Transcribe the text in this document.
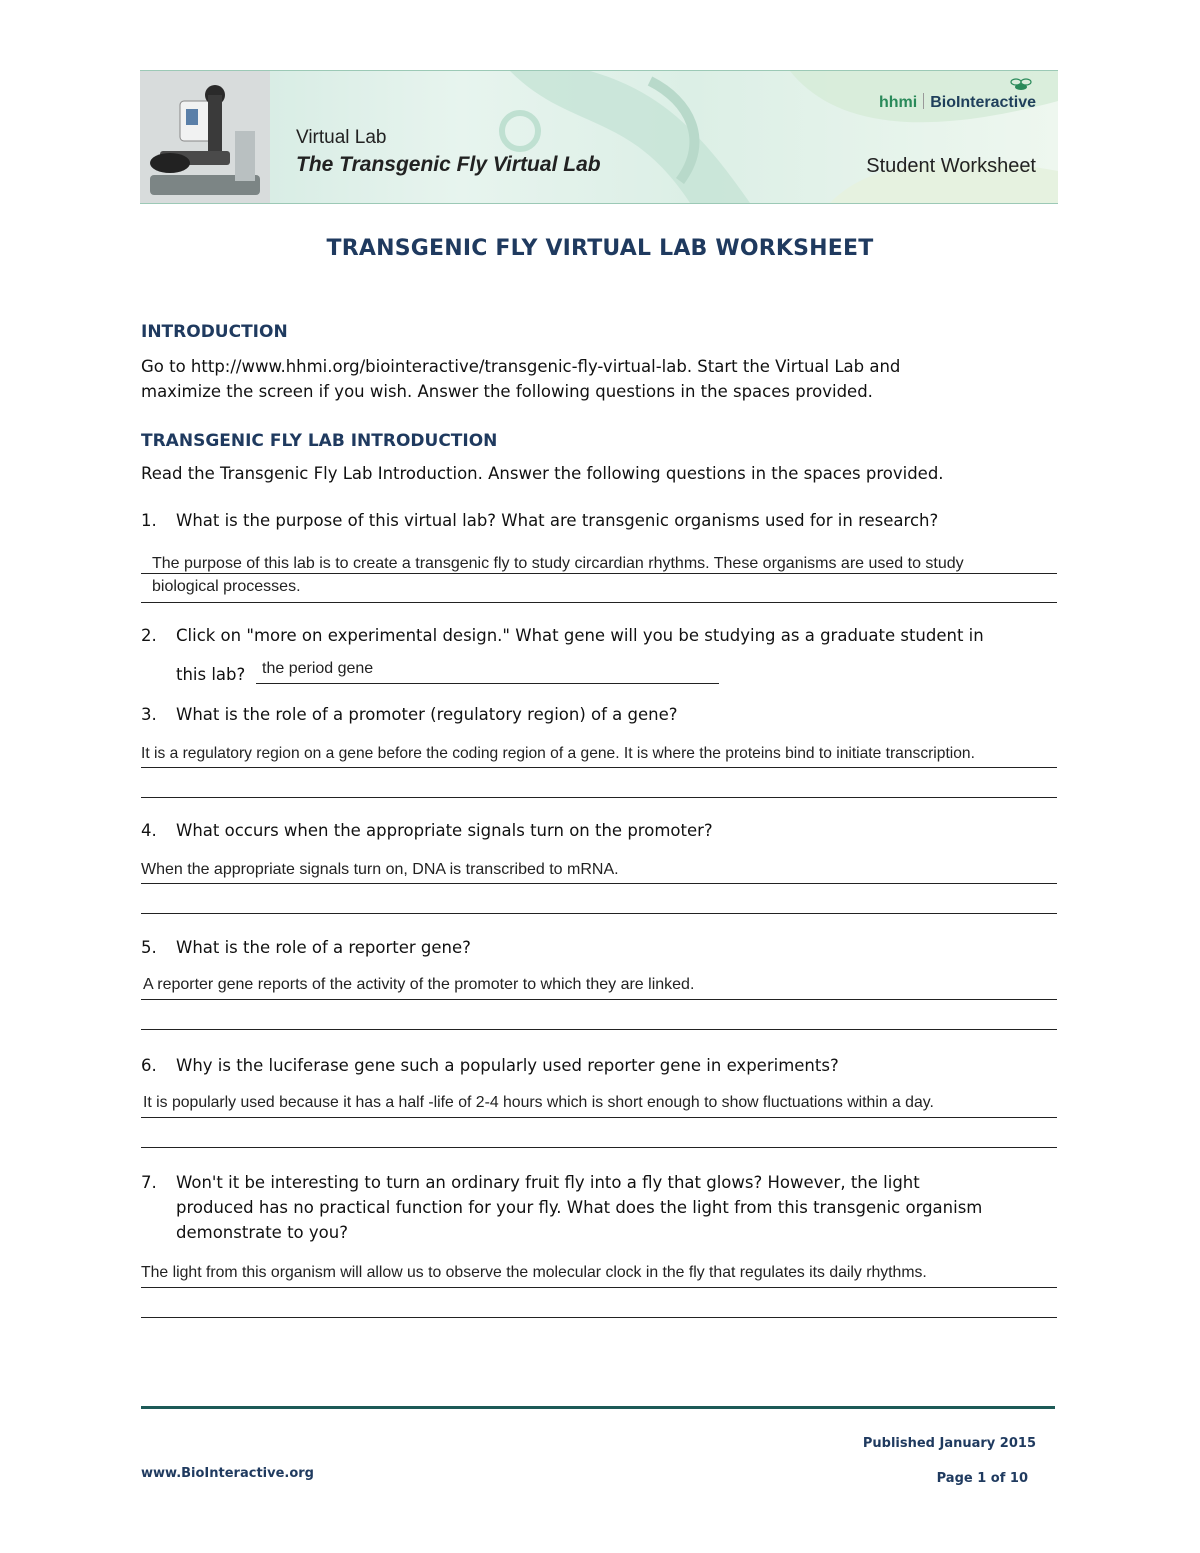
Virtual Lab
The Transgenic Fly Virtual Lab
hhmi BioInteractive
Student Worksheet
TRANSGENIC FLY VIRTUAL LAB WORKSHEET
INTRODUCTION
Go to http://www.hhmi.org/biointeractive/transgenic-fly-virtual-lab. Start the Virtual Lab and
maximize the screen if you wish. Answer the following questions in the spaces provided.
TRANSGENIC FLY LAB INTRODUCTION
Read the Transgenic Fly Lab Introduction. Answer the following questions in the spaces provided.
1. What is the purpose of this virtual lab? What are transgenic organisms used for in research?
The purpose of this lab is to create a transgenic fly to study circardian rhythms. These organisms are used to study
biological processes.
2. Click on "more on experimental design." What gene will you be studying as a graduate student in
this lab?	the period gene
3. What is the role of a promoter (regulatory region) of a gene?
It is a regulatory region on a gene before the coding region of a gene. It is where the proteins bind to initiate transcription.
4. What occurs when the appropriate signals turn on the promoter?
When the appropriate signals turn on, DNA is transcribed to mRNA.
5. What is the role of a reporter gene?
A reporter gene reports of the activity of the promoter to which they are linked.
6. Why is the luciferase gene such a popularly used reporter gene in experiments?
It is popularly used because it has a half -life of 2-4 hours which is short enough to show fluctuations within a day.
7. Won't it be interesting to turn an ordinary fruit fly into a fly that glows? However, the light
produced has no practical function for your fly. What does the light from this transgenic organism
demonstrate to you?
The light from this organism will allow us to observe the molecular clock in the fly that regulates its daily rhythms.
Published January 2015
www.BioInteractive.org	Page 1 of 10
